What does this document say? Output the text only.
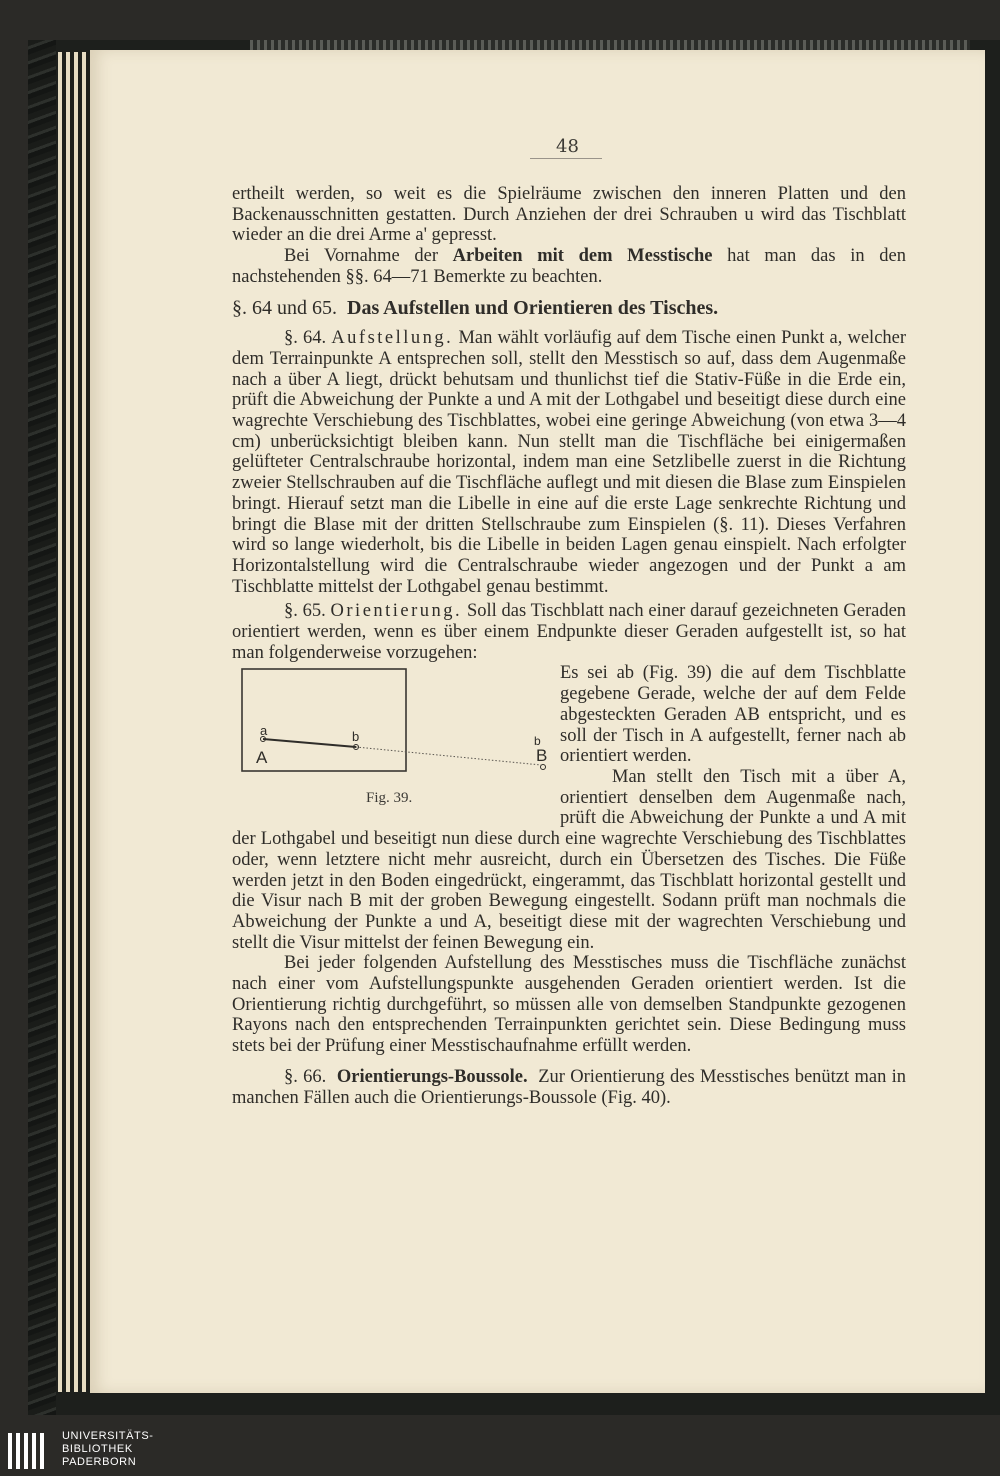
48

ertheilt werden, so weit es die Spielräume zwischen den inneren Platten und den Backenausschnitten gestatten. Durch Anziehen der drei Schrauben u wird das Tischblatt wieder an die drei Arme a' gepresst.

Bei Vornahme der Arbeiten mit dem Messtische hat man das in den nachstehenden §§. 64—71 Bemerkte zu beachten.

§. 64 und 65. Das Aufstellen und Orientieren des Tisches.

§. 64. Aufstellung. Man wählt vorläufig auf dem Tische einen Punkt a, welcher dem Terrainpunkte A entsprechen soll, stellt den Messtisch so auf, dass dem Augenmaße nach a über A liegt, drückt behutsam und thunlichst tief die Stativ-Füße in die Erde ein, prüft die Abweichung der Punkte a und A mit der Lothgabel und beseitigt diese durch eine wagrechte Verschiebung des Tischblattes, wobei eine geringe Abweichung (von etwa 3—4 cm) unberücksichtigt bleiben kann. Nun stellt man die Tischfläche bei einigermaßen gelüfteter Centralschraube horizontal, indem man eine Setzlibelle zuerst in die Richtung zweier Stellschrauben auf die Tischfläche auflegt und mit diesen die Blase zum Einspielen bringt. Hierauf setzt man die Libelle in eine auf die erste Lage senkrechte Richtung und bringt die Blase mit der dritten Stellschraube zum Einspielen (§. 11). Dieses Verfahren wird so lange wiederholt, bis die Libelle in beiden Lagen genau einspielt. Nach erfolgter Horizontalstellung wird die Centralschraube wieder angezogen und der Punkt a am Tischblatte mittelst der Lothgabel genau bestimmt.

§. 65. Orientierung. Soll das Tischblatt nach einer darauf gezeichneten Geraden orientiert werden, wenn es über einem Endpunkte dieser Geraden aufgestellt ist, so hat man folgenderweise vorzugehen:

a
A
b
B
b
Fig. 39.

Es sei ab (Fig. 39) die auf dem Tischblatte gegebene Gerade, welche der auf dem Felde abgesteckten Geraden AB entspricht, und es soll der Tisch in A aufgestellt, ferner nach ab orientiert werden.

Man stellt den Tisch mit a über A, orientiert denselben dem Augenmaße nach, prüft die Abweichung der Punkte a und A mit der Lothgabel und beseitigt nun diese durch eine wagrechte Verschiebung des Tischblattes oder, wenn letztere nicht mehr ausreicht, durch ein Übersetzen des Tisches. Die Füße werden jetzt in den Boden eingedrückt, eingerammt, das Tischblatt horizontal gestellt und die Visur nach B mit der groben Bewegung eingestellt. Sodann prüft man nochmals die Abweichung der Punkte a und A, beseitigt diese mit der wagrechten Verschiebung und stellt die Visur mittelst der feinen Bewegung ein.

Bei jeder folgenden Aufstellung des Messtisches muss die Tischfläche zunächst nach einer vom Aufstellungspunkte ausgehenden Geraden orientiert werden. Ist die Orientierung richtig durchgeführt, so müssen alle von demselben Standpunkte gezogenen Rayons nach den entsprechenden Terrainpunkten gerichtet sein. Diese Bedingung muss stets bei der Prüfung einer Messtischaufnahme erfüllt werden.

§. 66. Orientierungs-Boussole. Zur Orientierung des Messtisches benützt man in manchen Fällen auch die Orientierungs-Boussole (Fig. 40).

UNIVERSITÄTS-
BIBLIOTHEK
PADERBORN
